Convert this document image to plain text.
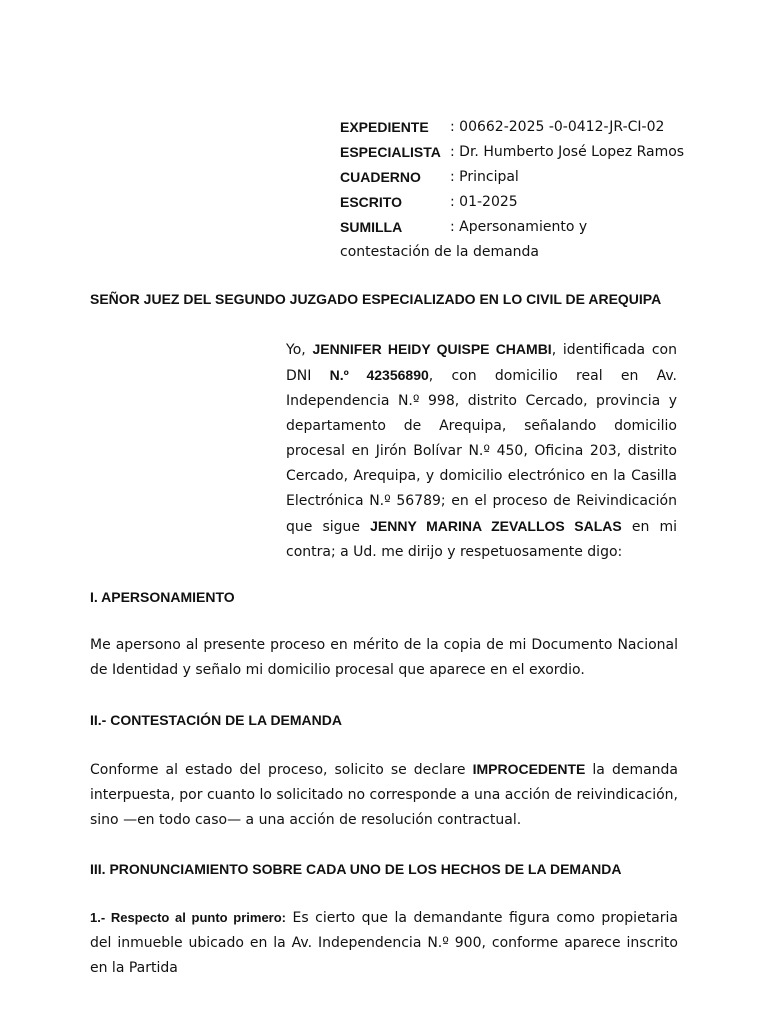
EXPEDIENTE	: 00662-2025 -0-0412-JR-CI-02
ESPECIALISTA : Dr. Humberto José Lopez Ramos
CUADERNO	: Principal
ESCRITO	: 01-2025
SUMILLA	: Apersonamiento y
contestación de la demanda
SEÑOR JUEZ DEL SEGUNDO JUZGADO ESPECIALIZADO EN LO CIVIL DE AREQUIPA
Yo, JENNIFER HEIDY QUISPE CHAMBI, identificada con DNI N.º 42356890, con domicilio real en Av. Independencia N.º 998, distrito Cercado, provincia y departamento de Arequipa, señalando domicilio procesal en Jirón Bolívar N.º 450, Oficina 203, distrito Cercado, Arequipa, y domicilio electrónico en la Casilla Electrónica N.º 56789; en el proceso de Reivindicación que sigue JENNY MARINA ZEVALLOS SALAS en mi contra; a Ud. me dirijo y respetuosamente digo:
I. APERSONAMIENTO
Me apersono al presente proceso en mérito de la copia de mi Documento Nacional de Identidad y señalo mi domicilio procesal que aparece en el exordio.
II.- CONTESTACIÓN DE LA DEMANDA
Conforme al estado del proceso, solicito se declare IMPROCEDENTE la demanda interpuesta, por cuanto lo solicitado no corresponde a una acción de reivindicación, sino —en todo caso— a una acción de resolución contractual.
III. PRONUNCIAMIENTO SOBRE CADA UNO DE LOS HECHOS DE LA DEMANDA
1.- Respecto al punto primero: Es cierto que la demandante figura como propietaria del inmueble ubicado en la Av. Independencia N.º 900, conforme aparece inscrito en la Partida
